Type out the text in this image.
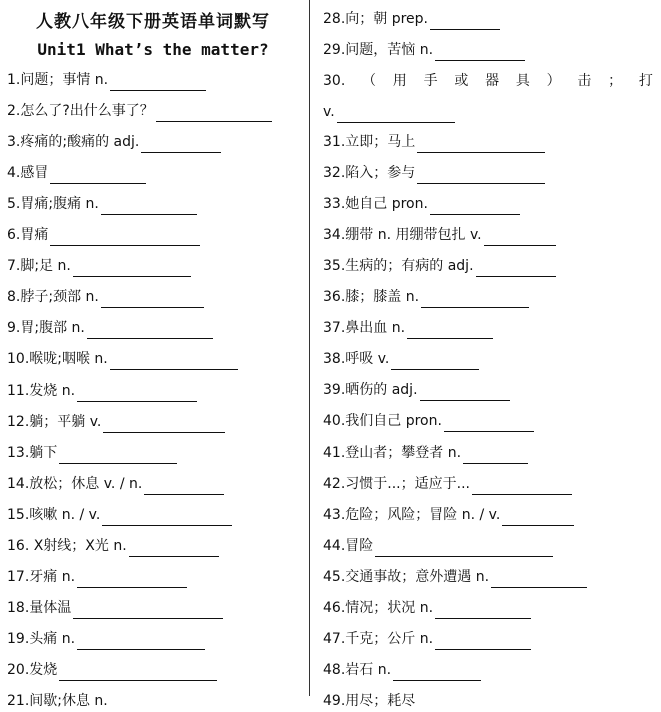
人教八年级下册英语单词默写
Unit1 What’s the matter?
1.问题；事情 n.
2.怎么了?出什么事了？
3.疼痛的;酸痛的 adj.
4.感冒
5.胃痛;腹痛 n.
6.胃痛
7.脚;足 n.
8.脖子;颈部 n.
9.胃;腹部 n.
10.喉咙;咽喉 n.
11.发烧 n.
12.躺；平躺 v.
13.躺下
14.放松；休息 v. / n.
15.咳嗽 n. / v.
16. X射线；X光 n.
17.牙痛 n.
18.量体温
19.头痛 n.
20.发烧
21.间歇;休息 n.
30. （ 用 手 或 器 具 ） 击 ； 打
v.
28.向；朝 prep.
29.问题，苦恼 n.
31.立即；马上
32.陷入；参与
33.她自己 pron.
34.绷带 n. 用绷带包扎 v.
35.生病的；有病的 adj.
36.膝；膝盖 n.
37.鼻出血 n.
38.呼吸 v.
39.晒伤的 adj.
40.我们自己 pron.
41.登山者；攀登者 n.
42.习惯于...；适应于...
43.危险；风险；冒险 n. / v.
44.冒险
45.交通事故；意外遭遇 n.
46.情况；状况 n.
47.千克；公斤 n.
48.岩石 n.
49.用尽；耗尽
